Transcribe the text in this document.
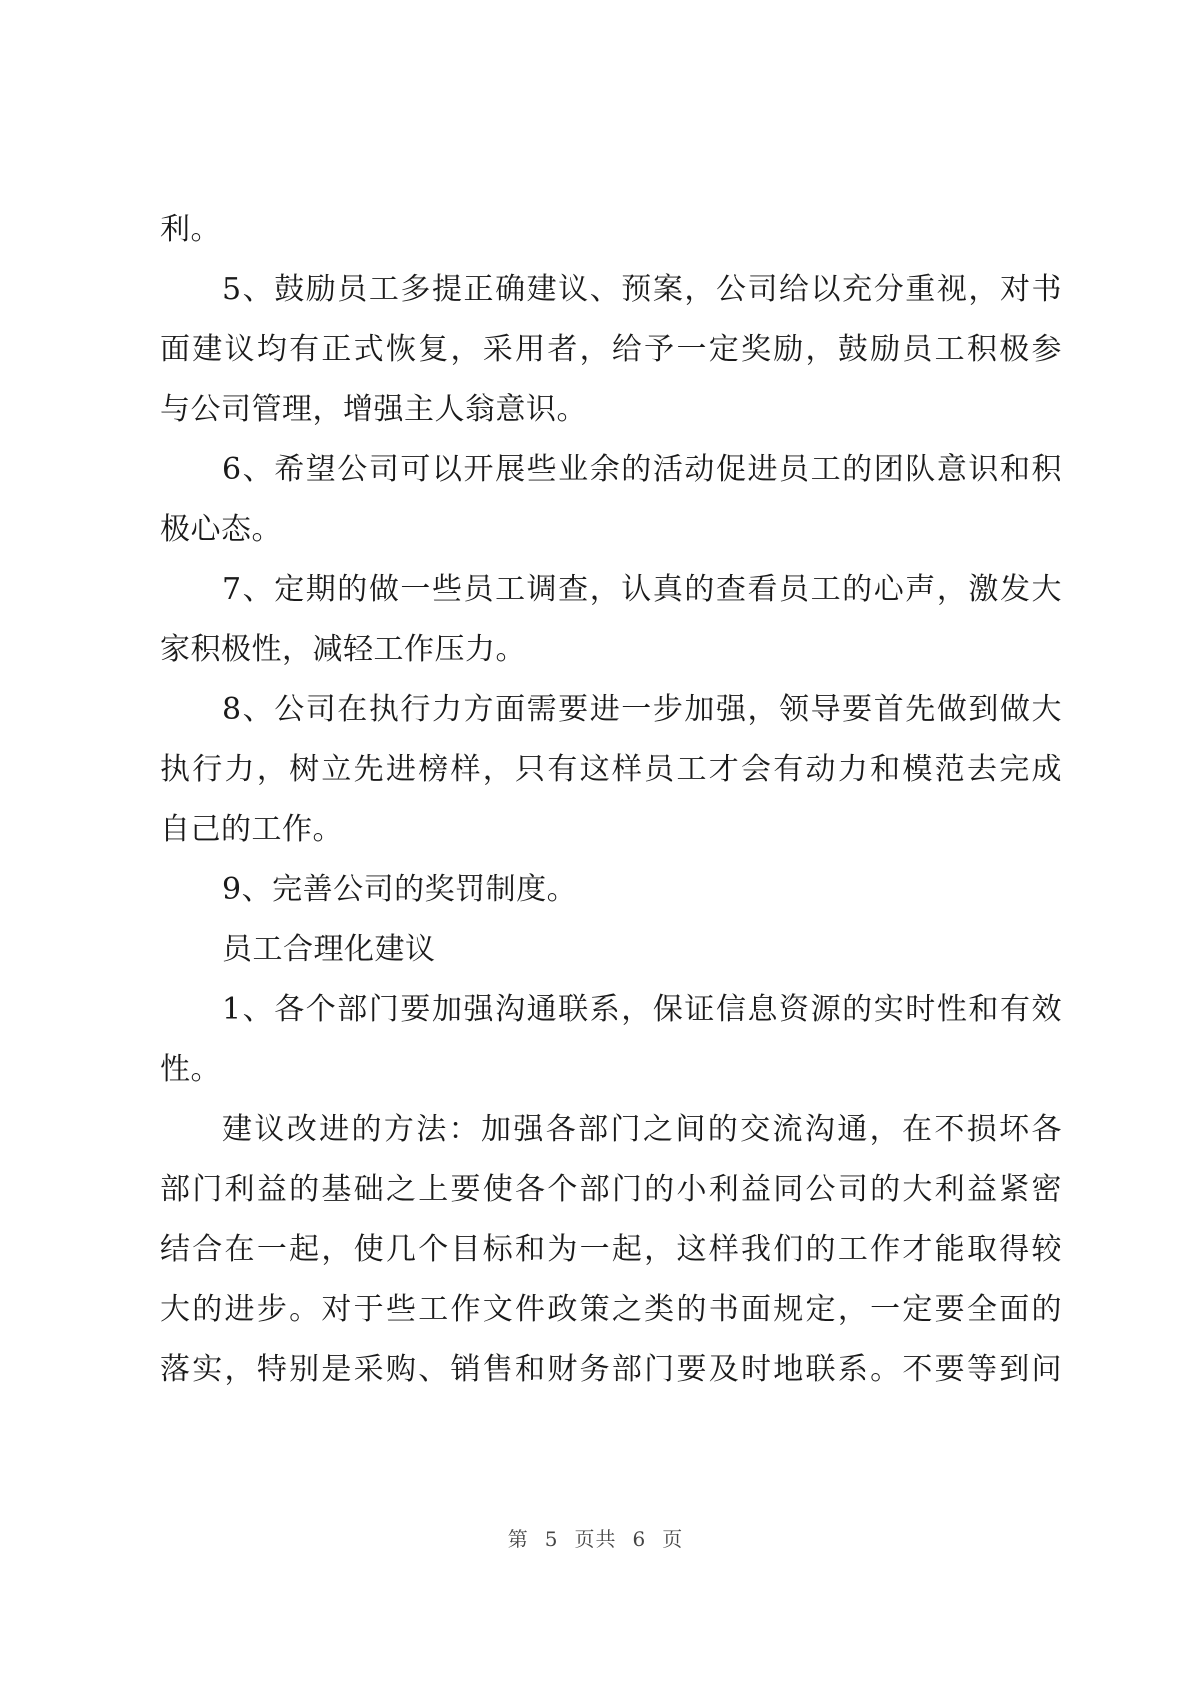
利。
5、鼓励员工多提正确建议、预案，公司给以充分重视，对书
面建议均有正式恢复，采用者，给予一定奖励，鼓励员工积极参
与公司管理，增强主人翁意识。
6、希望公司可以开展些业余的活动促进员工的团队意识和积
极心态。
7、定期的做一些员工调查，认真的查看员工的心声，激发大
家积极性，减轻工作压力。
8、公司在执行力方面需要进一步加强，领导要首先做到做大
执行力，树立先进榜样，只有这样员工才会有动力和模范去完成
自己的工作。
9、完善公司的奖罚制度。
员工合理化建议
1、各个部门要加强沟通联系，保证信息资源的实时性和有效
性。
建议改进的方法：加强各部门之间的交流沟通，在不损坏各
部门利益的基础之上要使各个部门的小利益同公司的大利益紧密
结合在一起，使几个目标和为一起，这样我们的工作才能取得较
大的进步。对于些工作文件政策之类的书面规定，一定要全面的
落实，特别是采购、销售和财务部门要及时地联系。不要等到问
第 5 页共 6 页
